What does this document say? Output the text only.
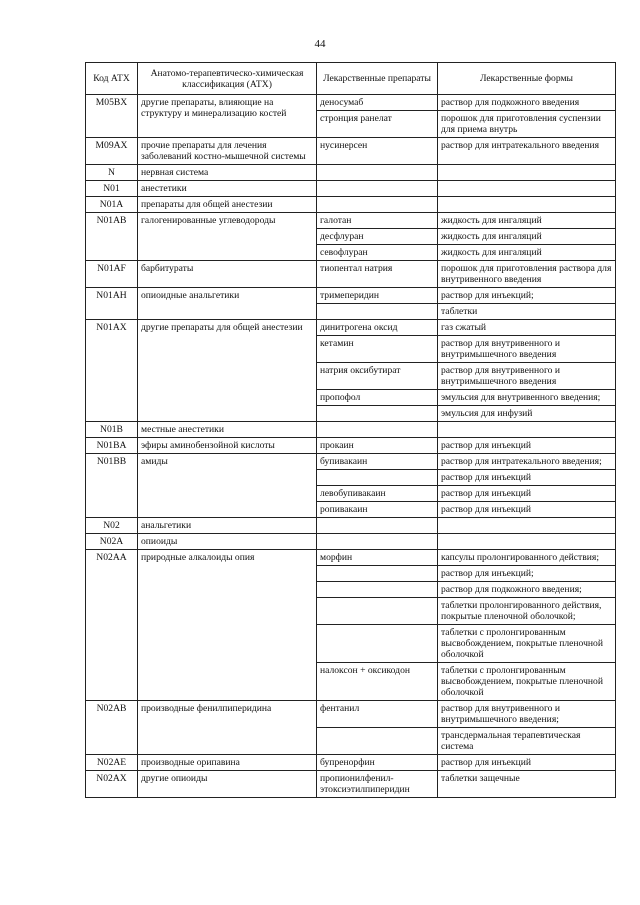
44
Код АТХ	Анатомо-терапевтическо-химическая классификация (АТХ)	Лекарственные препараты	Лекарственные формы
M05BX	другие препараты, влияющие на структуру и минерализацию костей	деносумаб	раствор для подкожного введения
		стронция ранелат	порошок для приготовления суспензии для приема внутрь
M09AX	прочие препараты для лечения заболеваний костно-мышечной системы	нусинерсен	раствор для интратекального введения
N	нервная система		
N01	анестетики		
N01A	препараты для общей анестезии		
N01AB	галогенированные углеводороды	галотан	жидкость для ингаляций
		десфлуран	жидкость для ингаляций
		севофлуран	жидкость для ингаляций
N01AF	барбитураты	тиопентал натрия	порошок для приготовления раствора для внутривенного введения
N01AH	опиоидные анальгетики	тримеперидин	раствор для инъекций;
			таблетки
N01AX	другие препараты для общей анестезии	динитрогена оксид	газ сжатый
		кетамин	раствор для внутривенного и внутримышечного введения
		натрия оксибутират	раствор для внутривенного и внутримышечного введения
		пропофол	эмульсия для внутривенного введения;
			эмульсия для инфузий
N01B	местные анестетики		
N01BA	эфиры аминобензойной кислоты	прокаин	раствор для инъекций
N01BB	амиды	бупивакаин	раствор для интратекального введения;
			раствор для инъекций
		левобупивакаин	раствор для инъекций
		ропивакаин	раствор для инъекций
N02	анальгетики		
N02A	опиоиды		
N02AA	природные алкалоиды опия	морфин	капсулы пролонгированного действия;
			раствор для инъекций;
			раствор для подкожного введения;
			таблетки пролонгированного действия, покрытые пленочной оболочкой;
			таблетки с пролонгированным высвобождением, покрытые пленочной оболочкой
		налоксон + оксикодон	таблетки с пролонгированным высвобождением, покрытые пленочной оболочкой
N02AB	производные фенилпиперидина	фентанил	раствор для внутривенного и внутримышечного введения;
			трансдермальная терапевтическая система
N02AE	производные орипавина	бупренорфин	раствор для инъекций
N02AX	другие опиоиды	пропионилфенил-этоксиэтилпиперидин	таблетки защечные
